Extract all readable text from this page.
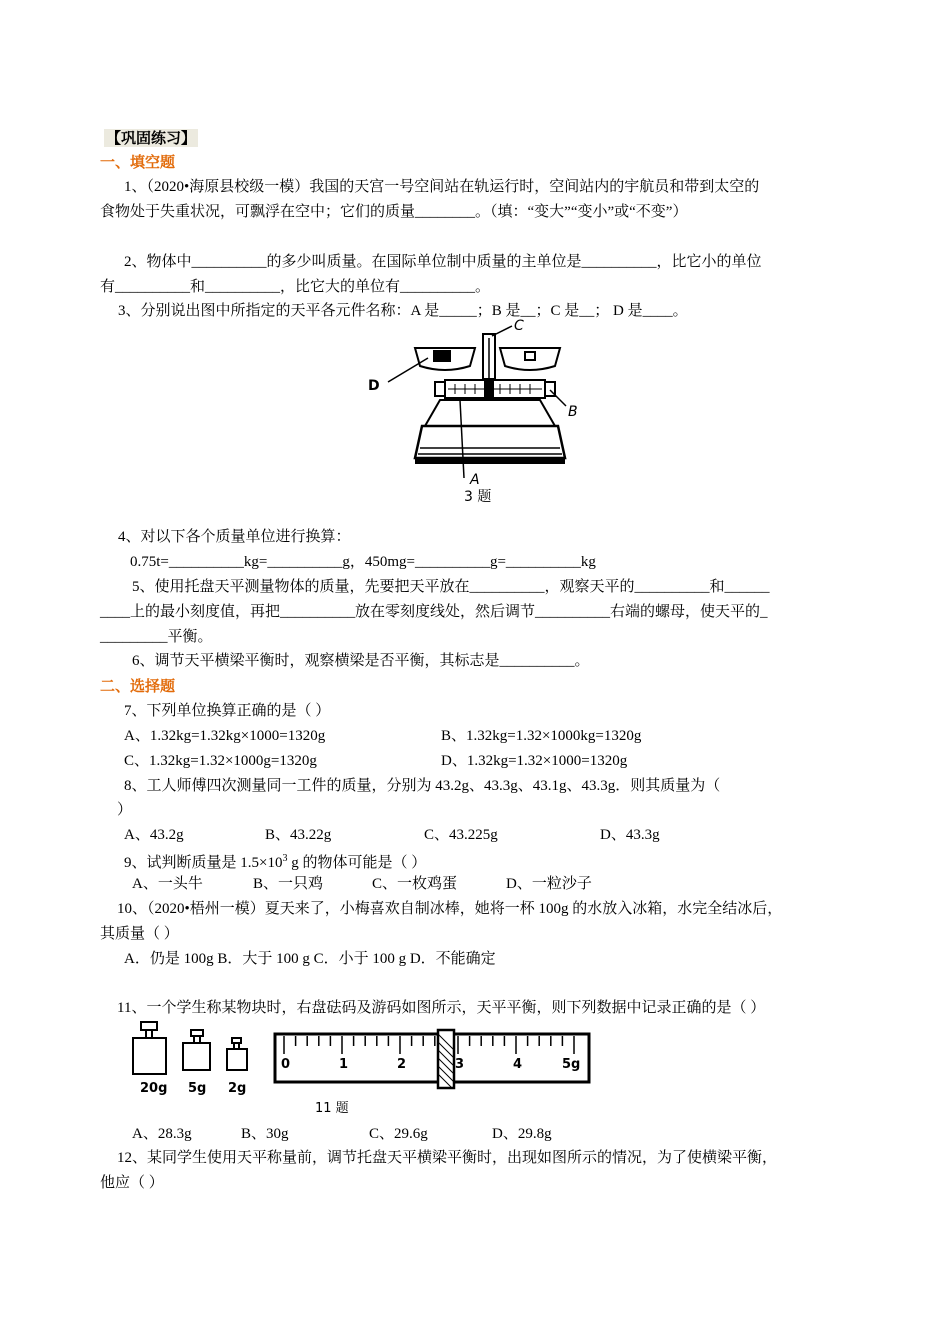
【巩固练习】
一、填空题
1、（2020•海原县校级一模）我国的天宫一号空间站在轨运行时，空间站内的宇航员和带到太空的
食物处于失重状况，可飘浮在空中；它们的质量________。（填：“变大”“变小”或“不变”）
2、物体中__________的多少叫质量。在国际单位制中质量的主单位是__________，比它小的单位
有__________和__________，比它大的单位有__________。
3、分别说出图中所指定的天平各元件名称：A 是_____；B 是__；C 是__； D 是____。
C
D
B
A
3 题
4、对以下各个质量单位进行换算：
0.75t=__________kg=__________g，450mg=__________g=__________kg
5、使用托盘天平测量物体的质量，先要把天平放在__________，观察天平的__________和______
____上的最小刻度值，再把__________放在零刻度线处，然后调节__________右端的螺母，使天平的_
_________平衡。
6、调节天平横梁平衡时，观察横梁是否平衡，其标志是__________。
二、选择题
7、下列单位换算正确的是（ ）
A、1.32kg=1.32kg×1000=1320g	B、1.32kg=1.32×1000kg=1320g
C、1.32kg=1.32×1000g=1320g	D、1.32kg=1.32×1000=1320g
8、工人师傅四次测量同一工件的质量，分别为 43.2g、43.3g、43.1g、43.3g．则其质量为（
）
A、43.2g	B、43.22g	C、43.225g	D、43.3g
9、试判断质量是 $1.5\times 10^3$ g 的物体可能是（ ）
A、一头牛	B、一只鸡	C、一枚鸡蛋	D、一粒沙子
10、（2020•梧州一模）夏天来了，小梅喜欢自制冰棒，她将一杯 100g 的水放入冰箱，水完全结冰后，
其质量（ ）
A．仍是 100g B．大于 100 g C．小于 100 g D．不能确定
11、一个学生称某物块时，右盘砝码及游码如图所示，天平平衡，则下列数据中记录正确的是（ ）
20g 5g 2g
0	1	2	3	4	5g
11 题
A、28.3g	B、30g	C、29.6g	D、29.8g
12、某同学生使用天平称量前，调节托盘天平横梁平衡时，出现如图所示的情况，为了使横梁平衡，
他应（ ）
